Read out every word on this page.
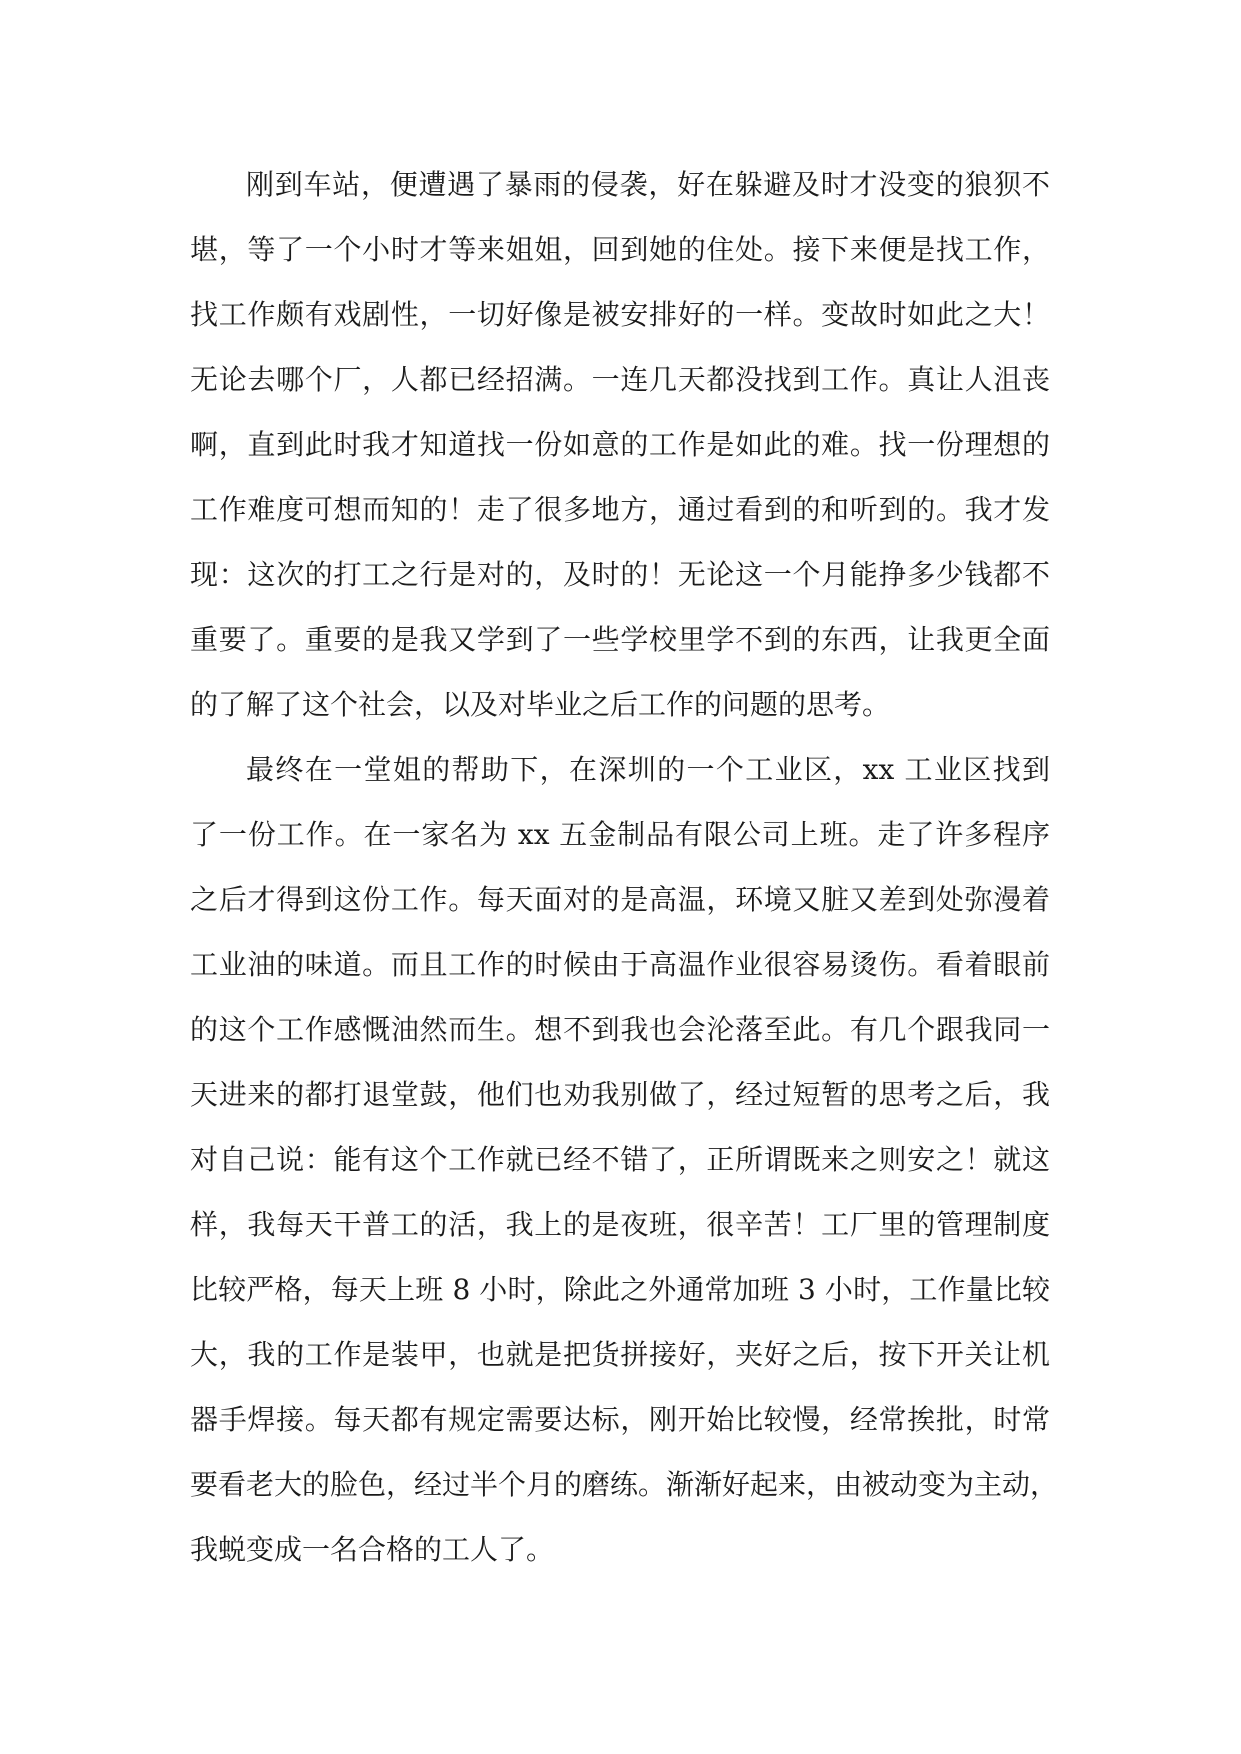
刚到车站，便遭遇了暴雨的侵袭，好在躲避及时才没变的狼狈不
堪，等了一个小时才等来姐姐，回到她的住处。接下来便是找工作，
找工作颇有戏剧性，一切好像是被安排好的一样。变故时如此之大！
无论去哪个厂，人都已经招满。一连几天都没找到工作。真让人沮丧
啊，直到此时我才知道找一份如意的工作是如此的难。找一份理想的
工作难度可想而知的！走了很多地方，通过看到的和听到的。我才发
现：这次的打工之行是对的，及时的！无论这一个月能挣多少钱都不
重要了。重要的是我又学到了一些学校里学不到的东西，让我更全面
的了解了这个社会，以及对毕业之后工作的问题的思考。
最终在一堂姐的帮助下，在深圳的一个工业区，xx 工业区找到
了一份工作。在一家名为 xx 五金制品有限公司上班。走了许多程序
之后才得到这份工作。每天面对的是高温，环境又脏又差到处弥漫着
工业油的味道。而且工作的时候由于高温作业很容易烫伤。看着眼前
的这个工作感慨油然而生。想不到我也会沦落至此。有几个跟我同一
天进来的都打退堂鼓，他们也劝我别做了，经过短暂的思考之后，我
对自己说：能有这个工作就已经不错了，正所谓既来之则安之！就这
样，我每天干普工的活，我上的是夜班，很辛苦！工厂里的管理制度
比较严格，每天上班 8 小时，除此之外通常加班 3 小时，工作量比较
大，我的工作是装甲，也就是把货拼接好，夹好之后，按下开关让机
器手焊接。每天都有规定需要达标，刚开始比较慢，经常挨批，时常
要看老大的脸色，经过半个月的磨练。渐渐好起来，由被动变为主动，
我蜕变成一名合格的工人了。
